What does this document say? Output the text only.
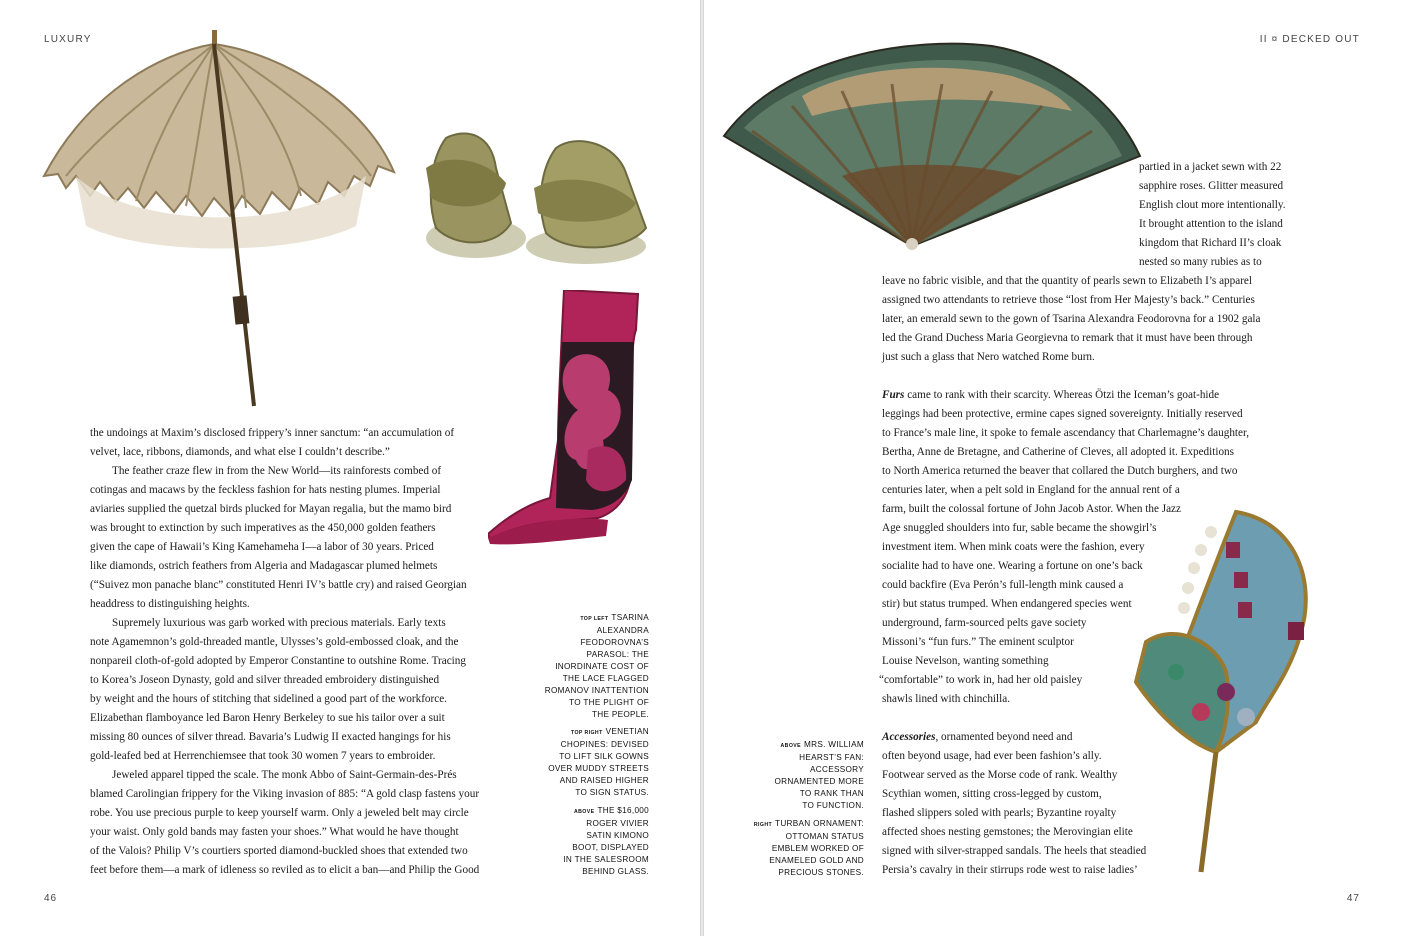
LUXURY
the undoings at Maxim’s disclosed frippery’s inner sanctum: “an accumulation of
velvet, lace, ribbons, diamonds, and what else I couldn’t describe.”
The feather craze flew in from the New World—its rainforests combed of
cotingas and macaws by the feckless fashion for hats nesting plumes. Imperial
aviaries supplied the quetzal birds plucked for Mayan regalia, but the mamo bird
was brought to extinction by such imperatives as the 450,000 golden feathers
given the cape of Hawaii’s King Kamehameha I—a labor of 30 years. Priced
like diamonds, ostrich feathers from Algeria and Madagascar plumed helmets
(“Suivez mon panache blanc” constituted Henri IV’s battle cry) and raised Georgian
headdress to distinguishing heights.
Supremely luxurious was garb worked with precious materials. Early texts
note Agamemnon’s gold-threaded mantle, Ulysses’s gold-embossed cloak, and the
nonpareil cloth-of-gold adopted by Emperor Constantine to outshine Rome. Tracing
to Korea’s Joseon Dynasty, gold and silver threaded embroidery distinguished
by weight and the hours of stitching that sidelined a good part of the workforce.
Elizabethan flamboyance led Baron Henry Berkeley to sue his tailor over a suit
missing 80 ounces of silver thread. Bavaria’s Ludwig II exacted hangings for his
gold-leafed bed at Herrenchiemsee that took 30 women 7 years to embroider.
Jeweled apparel tipped the scale. The monk Abbo of Saint-Germain-des-Prés
blamed Carolingian frippery for the Viking invasion of 885: “A gold clasp fastens your
robe. You use precious purple to keep yourself warm. Only a jeweled belt may circle
your waist. Only gold bands may fasten your shoes.” What would he have thought
of the Valois? Philip V’s courtiers sported diamond-buckled shoes that extended two
feet before them—a mark of idleness so reviled as to elicit a ban—and Philip the Good
TOP LEFT TSARINA
ALEXANDRA
FEODOROVNA’S
PARASOL: THE
INORDINATE COST OF
THE LACE FLAGGED
ROMANOV INATTENTION
TO THE PLIGHT OF
THE PEOPLE.
TOP RIGHT VENETIAN
CHOPINES: DEVISED
TO LIFT SILK GOWNS
OVER MUDDY STREETS
AND RAISED HIGHER
TO SIGN STATUS.
ABOVE THE $16,000
ROGER VIVIER
SATIN KIMONO
BOOT, DISPLAYED
IN THE SALESROOM
BEHIND GLASS.
46
II ¤ DECKED OUT
partied in a jacket sewn with 22
sapphire roses. Glitter measured
English clout more intentionally.
It brought attention to the island
kingdom that Richard II’s cloak
nested so many rubies as to
leave no fabric visible, and that the quantity of pearls sewn to Elizabeth I’s apparel
assigned two attendants to retrieve those “lost from Her Majesty’s back.” Centuries
later, an emerald sewn to the gown of Tsarina Alexandra Feodorovna for a 1902 gala
led the Grand Duchess Maria Georgievna to remark that it must have been through
just such a glass that Nero watched Rome burn.
Furs came to rank with their scarcity. Whereas Ötzi the Iceman’s goat-hide
leggings had been protective, ermine capes signed sovereignty. Initially reserved
to France’s male line, it spoke to female ascendancy that Charlemagne’s daughter,
Bertha, Anne de Bretagne, and Catherine of Cleves, all adopted it. Expeditions
to North America returned the beaver that collared the Dutch burghers, and two
centuries later, when a pelt sold in England for the annual rent of a
farm, built the colossal fortune of John Jacob Astor. When the Jazz
Age snuggled shoulders into fur, sable became the showgirl’s
investment item. When mink coats were the fashion, every
socialite had to have one. Wearing a fortune on one’s back
could backfire (Eva Perón’s full-length mink caused a
stir) but status trumped. When endangered species went
underground, farm-sourced pelts gave society
Missoni’s “fun furs.” The eminent sculptor
Louise Nevelson, wanting something
“comfortable” to work in, had her old paisley
shawls lined with chinchilla.
Accessories, ornamented beyond need and
often beyond usage, had ever been fashion’s ally.
Footwear served as the Morse code of rank. Wealthy
Scythian women, sitting cross-legged by custom,
flashed slippers soled with pearls; Byzantine royalty
affected shoes nesting gemstones; the Merovingian elite
signed with silver-strapped sandals. The heels that steadied
Persia’s cavalry in their stirrups rode west to raise ladies’
ABOVE MRS. WILLIAM
HEARST’S FAN:
ACCESSORY
ORNAMENTED MORE
TO RANK THAN
TO FUNCTION.
RIGHT TURBAN ORNAMENT:
OTTOMAN STATUS
EMBLEM WORKED OF
ENAMELED GOLD AND
PRECIOUS STONES.
47
